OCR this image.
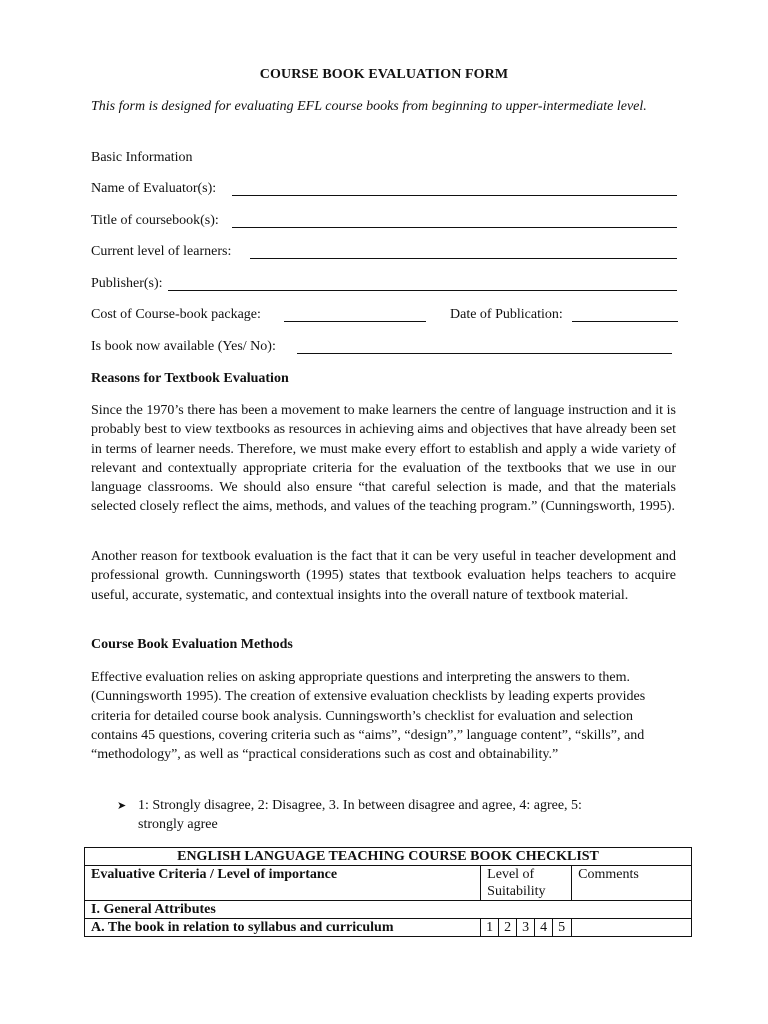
COURSE BOOK EVALUATION FORM
This form is designed for evaluating EFL course books from beginning to upper-intermediate level.
Basic Information
Name of Evaluator(s):
Title of coursebook(s):
Current level of learners:
Publisher(s):
Cost of Course-book package:	Date of Publication:
Is book now available (Yes/ No):
Reasons for Textbook Evaluation
Since the 1970’s there has been a movement to make learners the centre of language instruction and it is probably best to view textbooks as resources in achieving aims and objectives that have already been set in terms of learner needs. Therefore, we must make every effort to establish and apply a wide variety of relevant and contextually appropriate criteria for the evaluation of the textbooks that we use in our language classrooms. We should also ensure “that careful selection is made, and that the materials selected closely reflect the aims, methods, and values of the teaching program.” (Cunningsworth, 1995).
Another reason for textbook evaluation is the fact that it can be very useful in teacher development and professional growth. Cunningsworth (1995) states that textbook evaluation helps teachers to acquire useful, accurate, systematic, and contextual insights into the overall nature of textbook material.
Course Book Evaluation Methods
Effective evaluation relies on asking appropriate questions and interpreting the answers to them.(Cunningsworth 1995). The creation of extensive evaluation checklists by leading experts provides criteria for detailed course book analysis. Cunningsworth’s checklist for evaluation and selection contains 45 questions, covering criteria such as “aims”, “design”,” language content”, “skills”, and “methodology”, as well as “practical considerations such as cost and obtainability.”
➤ 1: Strongly disagree, 2: Disagree, 3. In between disagree and agree, 4: agree, 5: strongly agree
ENGLISH LANGUAGE TEACHING COURSE BOOK CHECKLIST		
Evaluative Criteria / Level of importance	Level of Suitability	Comments
I. General Attributes		
A. The book in relation to syllabus and curriculum	1 2 3 4 5	
